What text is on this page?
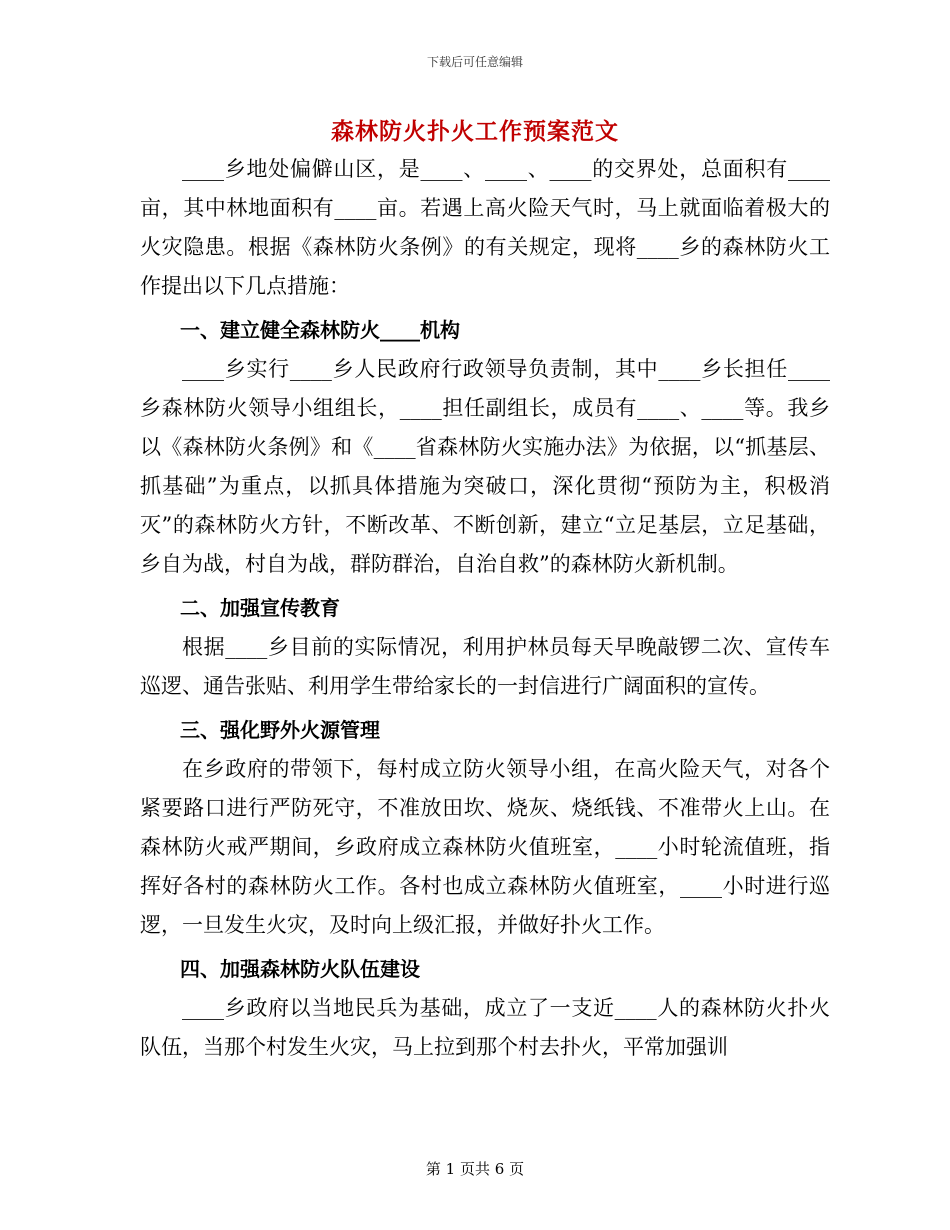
下载后可任意编辑
森林防火扑火工作预案范文

____乡地处偏僻山区，是____、____、____的交界处，总面积有____亩，其中林地面积有____亩。若遇上高火险天气时，马上就面临着极大的火灾隐患。根据《森林防火条例》的有关规定，现将____乡的森林防火工作提出以下几点措施：

一、建立健全森林防火____机构

____乡实行____乡人民政府行政领导负责制，其中____乡长担任____乡森林防火领导小组组长，____担任副组长，成员有____、____等。我乡以《森林防火条例》和《____省森林防火实施办法》为依据，以“抓基层、抓基础”为重点，以抓具体措施为突破口，深化贯彻“预防为主，积极消灭”的森林防火方针，不断改革、不断创新，建立“立足基层，立足基础，乡自为战，村自为战，群防群治，自治自救”的森林防火新机制。

二、加强宣传教育

根据____乡目前的实际情况，利用护林员每天早晚敲锣二次、宣传车巡逻、通告张贴、利用学生带给家长的一封信进行广阔面积的宣传。

三、强化野外火源管理

在乡政府的带领下，每村成立防火领导小组，在高火险天气，对各个紧要路口进行严防死守，不准放田坎、烧灰、烧纸钱、不准带火上山。在森林防火戒严期间，乡政府成立森林防火值班室，____小时轮流值班，指挥好各村的森林防火工作。各村也成立森林防火值班室，____小时进行巡逻，一旦发生火灾，及时向上级汇报，并做好扑火工作。

四、加强森林防火队伍建设

____乡政府以当地民兵为基础，成立了一支近____人的森林防火扑火队伍，当那个村发生火灾，马上拉到那个村去扑火，平常加强训

第 1 页共 6 页
